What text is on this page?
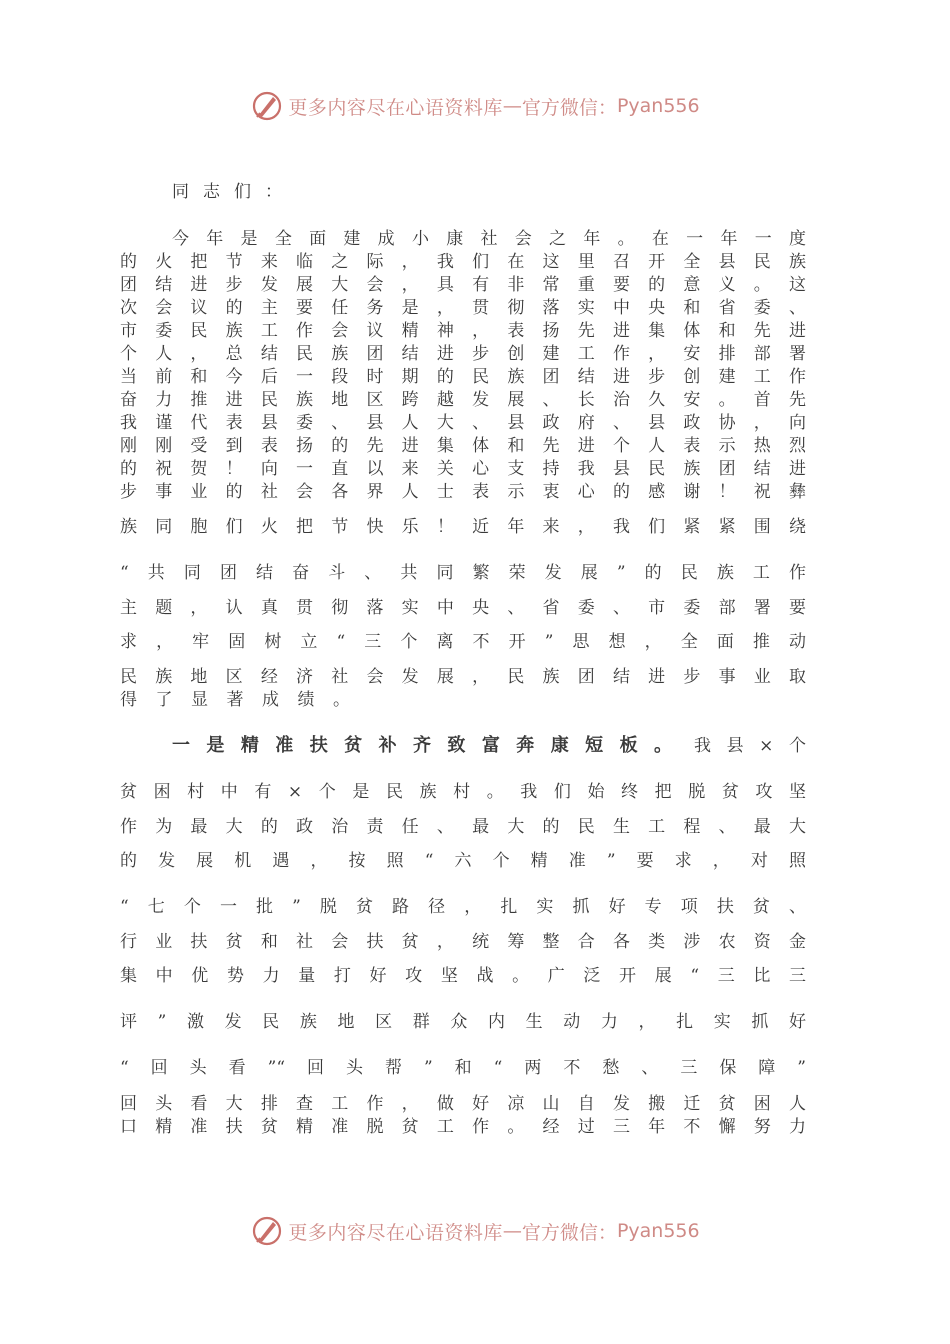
更多内容尽在心语资料库 — 官方微信： Pyan556
同​志​们​：
今​年​是​全​面​建​成​小​康​社​会​之​年​。​在​一​年​一​度
的​火​把​节​来​临​之​际​，​我​们​在​这​里​召​开​全​县​民​族
团​结​进​步​发​展​大​会​，​具​有​非​常​重​要​的​意​义​。​这
次​会​议​的​主​要​任​务​是​，​贯​彻​落​实​中​央​和​省​委​、
市​委​民​族​工​作​会​议​精​神​，​表​扬​先​进​集​体​和​先​进
个​人​，​总​结​民​族​团​结​进​步​创​建​工​作​，​安​排​部​署
当​前​和​今​后​一​段​时​期​的​民​族​团​结​进​步​创​建​工​作
奋​力​推​进​民​族​地​区​跨​越​发​展​、​长​治​久​安​。​首​先
我​谨​代​表​县​委​、​县​人​大​、​县​政​府​、​县​政​协​，​向
刚​刚​受​到​表​扬​的​先​进​集​体​和​先​进​个​人​表​示​热​烈
的​祝​贺​！​向​一​直​以​来​关​心​支​持​我​县​民​族​团​结​进
步​事​业​的​社​会​各​界​人​士​表​示​衷​心​的​感​谢​！​祝​彝
族​同​胞​们​火​把​节​快​乐​！​近​年​来​，​我​们​紧​紧​围​绕
“​共​同​团​结​奋​斗​、​共​同​繁​荣​发​展​”​的​民​族​工​作
主​题​，​认​真​贯​彻​落​实​中​央​、​省​委​、​市​委​部​署​要
求​，​牢​固​树​立​“​三​个​离​不​开​”​思​想​，​全​面​推​动
民​族​地​区​经​济​社​会​发​展​，​民​族​团​结​进​步​事​业​取
得​了​显​著​成​绩​。
一​是​精​准​扶​贫​补​齐​致​富​奔​康​短​板​。 我​县​×​个
贫​困​村​中​有​×​个​是​民​族​村​。​我​们​始​终​把​脱​贫​攻​坚
作​为​最​大​的​政​治​责​任​、​最​大​的​民​生​工​程​、​最​大
的​发​展​机​遇​，​按​照​“​六​个​精​准​”​要​求​，​对​照
“​七​个​一​批​”​脱​贫​路​径​，​扎​实​抓​好​专​项​扶​贫​、
行​业​扶​贫​和​社​会​扶​贫​，​统​筹​整​合​各​类​涉​农​资​金
集​中​优​势​力​量​打​好​攻​坚​战​。​广​泛​开​展​“​三​比​三
评​”​激​发​民​族​地​区​群​众​内​生​动​力​，​扎​实​抓​好
“​回​头​看​”​“​回​头​帮​”​和​“​两​不​愁​、​三​保​障​”
回​头​看​大​排​查​工​作​，​做​好​凉​山​自​发​搬​迁​贫​困​人
口​精​准​扶​贫​精​准​脱​贫​工​作​。​经​过​三​年​不​懈​努​力
更多内容尽在心语资料库 — 官方微信： Pyan556
